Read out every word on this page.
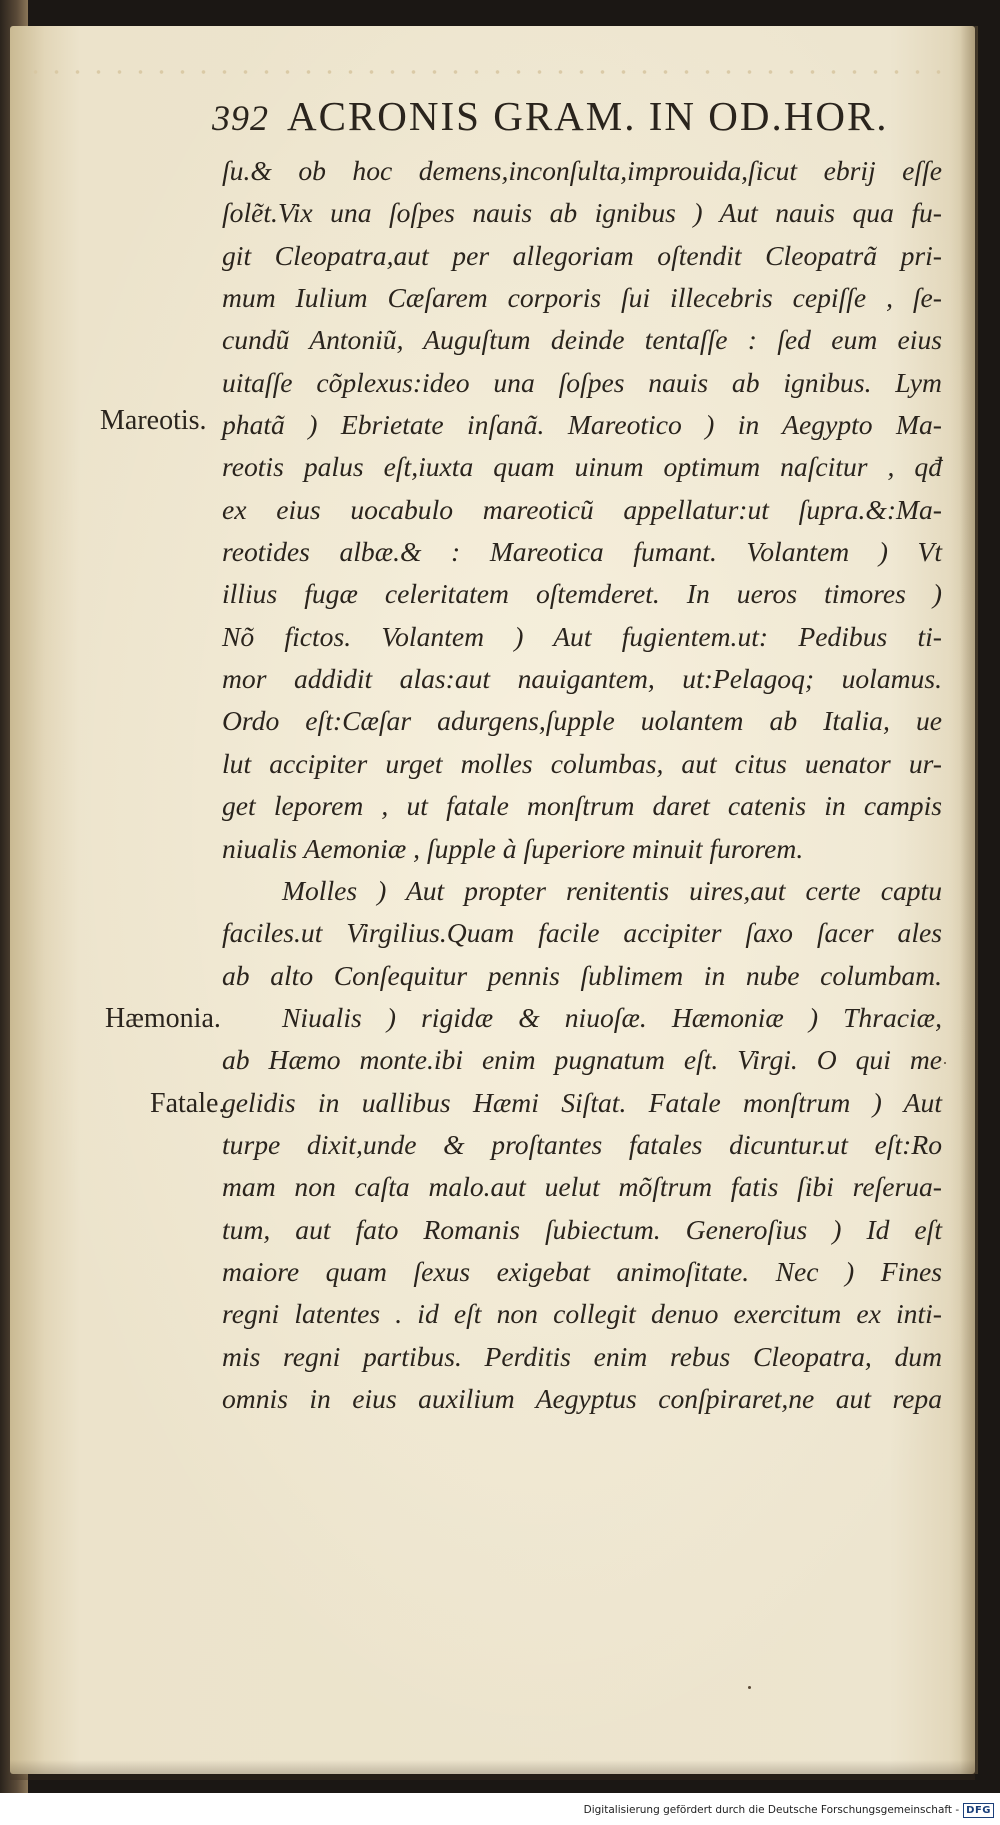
392 ACRONIS GRAM. IN OD.HOR.
Mareotis.
Hæmonia.
Fatale.
ſu.& ob hoc demens,inconſulta,improuida,ſicut ebrij eſſe
ſolẽt.Vix una ſoſpes nauis ab ignibus ) Aut nauis qua fu-
git Cleopatra,aut per allegoriam oſtendit Cleopatrã pri-
mum Iulium Cæſarem corporis ſui illecebris cepiſſe , ſe-
cundũ Antoniũ, Auguſtum deinde tentaſſe : ſed eum eius
uitaſſe cõplexus:ideo una ſoſpes nauis ab ignibus. Lym
phatã ) Ebrietate inſanã. Mareotico ) in Aegypto Ma-
reotis palus eſt,iuxta quam uinum optimum naſcitur , qđ
ex eius uocabulo mareoticũ appellatur:ut ſupra.&:Ma-
reotides albæ.& : Mareotica fumant. Volantem ) Vt
illius fugæ celeritatem oſtemderet. In ueros timores )
Nõ fictos. Volantem ) Aut fugientem.ut: Pedibus ti-
mor addidit alas:aut nauigantem, ut:Pelagoq; uolamus.
Ordo eſt:Cæſar adurgens,ſupple uolantem ab Italia, ue
lut accipiter urget molles columbas, aut citus uenator ur-
get leporem , ut fatale monſtrum daret catenis in campis
niualis Aemoniæ , ſupple à ſuperiore minuit furorem.
Molles ) Aut propter renitentis uires,aut certe captu
faciles.ut Virgilius.Quam facile accipiter ſaxo ſacer ales
ab alto Conſequitur pennis ſublimem in nube columbam.
Niualis ) rigidæ & niuoſæ. Hæmoniæ ) Thraciæ,
ab Hæmo monte.ibi enim pugnatum eſt. Virgi. O qui me
gelidis in uallibus Hæmi Siſtat. Fatale monſtrum ) Aut
turpe dixit,unde & proſtantes fatales dicuntur.ut eſt:Ro
mam non caſta malo.aut uelut mõſtrum fatis ſibi reſerua-
tum, aut fato Romanis ſubiectum. Generoſius ) Id eſt
maiore quam ſexus exigebat animoſitate. Nec ) Fines
regni latentes . id eſt non collegit denuo exercitum ex inti-
mis regni partibus. Perditis enim rebus Cleopatra, dum
omnis in eius auxilium Aegyptus conſpiraret,ne aut repa
Digitalisierung gefördert durch die Deutsche Forschungsgemeinschaft - DFG
